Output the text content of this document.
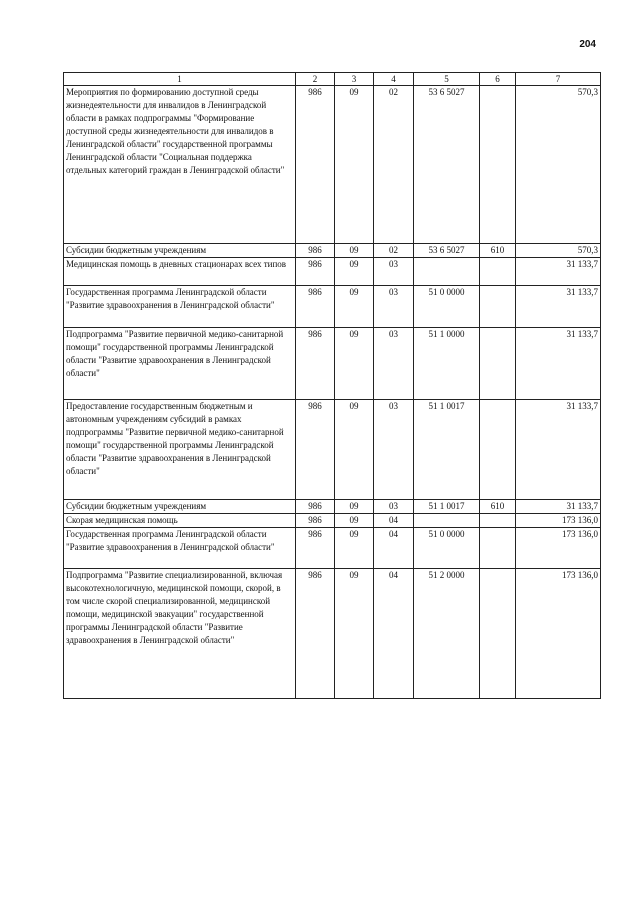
204
1	2	3	4	5	6	7
Мероприятия по формированию доступной среды жизнедеятельности для инвалидов в Ленинградской области в рамках подпрограммы "Формирование доступной среды жизнедеятельности для инвалидов в Ленинградской области" государственной программы Ленинградской области "Социальная поддержка отдельных категорий граждан в Ленинградской области"	986	09	02	53 6 5027		570,3
Субсидии бюджетным учреждениям	986	09	02	53 6 5027	610	570,3
Медицинская помощь в дневных стационарах всех типов	986	09	03			31 133,7
Государственная программа Ленинградской области "Развитие здравоохранения в Ленинградской области"	986	09	03	51 0 0000		31 133,7
Подпрограмма "Развитие первичной медико-санитарной помощи" государственной программы Ленинградской области "Развитие здравоохранения в Ленинградской области"	986	09	03	51 1 0000		31 133,7
Предоставление государственным бюджетным и автономным учреждениям субсидий в рамках подпрограммы "Развитие первичной медико-санитарной помощи" государственной программы Ленинградской области "Развитие здравоохранения в Ленинградской области"	986	09	03	51 1 0017		31 133,7
Субсидии бюджетным учреждениям	986	09	03	51 1 0017	610	31 133,7
Скорая медицинская помощь	986	09	04			173 136,0
Государственная программа Ленинградской области "Развитие здравоохранения в Ленинградской области"	986	09	04	51 0 0000		173 136,0
Подпрограмма "Развитие специализированной, включая высокотехнологичную, медицинской помощи, скорой, в том числе скорой специализированной, медицинской помощи, медицинской эвакуации" государственной программы Ленинградской области "Развитие здравоохранения в Ленинградской области"	986	09	04	51 2 0000		173 136,0
